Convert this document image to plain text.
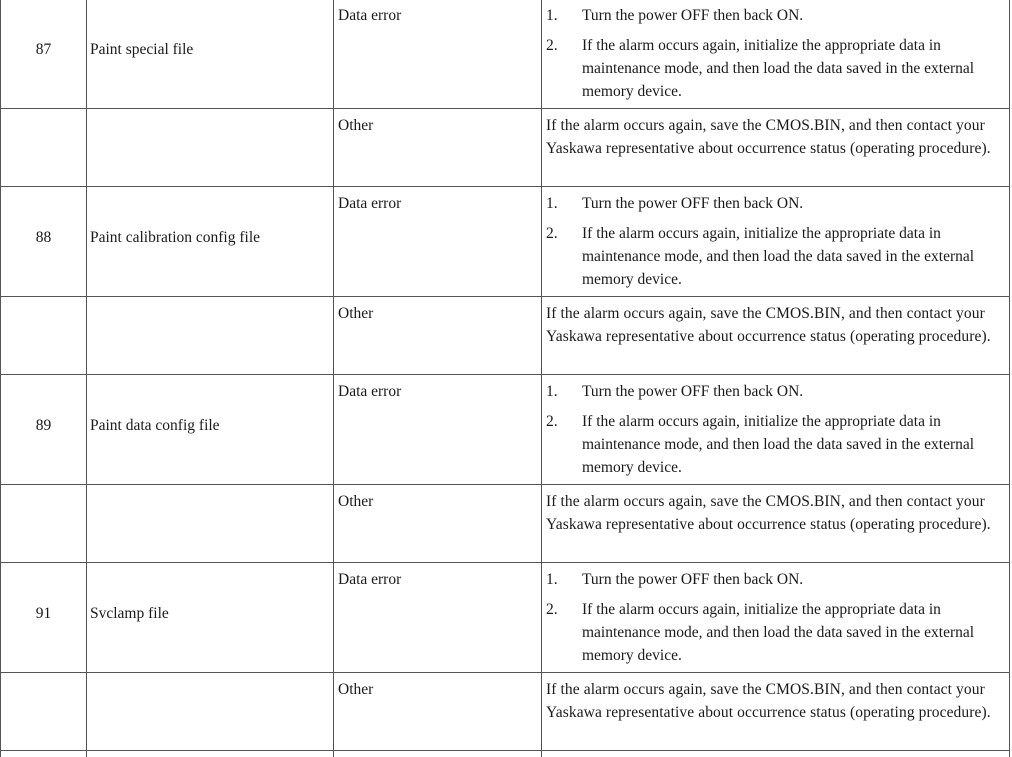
87	Paint special file	Data error	1. Turn the power OFF then back ON.
2. If the alarm occurs again, initialize the appropriate data in maintenance mode, and then load the data saved in the external memory device.

		Other	If the alarm occurs again, save the CMOS.BIN, and then contact your Yaskawa representative about occurrence status (operating procedure).
88	Paint calibration config file	Data error	1. Turn the power OFF then back ON.
2. If the alarm occurs again, initialize the appropriate data in maintenance mode, and then load the data saved in the external memory device.

		Other	If the alarm occurs again, save the CMOS.BIN, and then contact your Yaskawa representative about occurrence status (operating procedure).
89	Paint data config file	Data error	1. Turn the power OFF then back ON.
2. If the alarm occurs again, initialize the appropriate data in maintenance mode, and then load the data saved in the external memory device.

		Other	If the alarm occurs again, save the CMOS.BIN, and then contact your Yaskawa representative about occurrence status (operating procedure).
91	Svclamp file	Data error	1. Turn the power OFF then back ON.
2. If the alarm occurs again, initialize the appropriate data in maintenance mode, and then load the data saved in the external memory device.

		Other	If the alarm occurs again, save the CMOS.BIN, and then contact your Yaskawa representative about occurrence status (operating procedure).
